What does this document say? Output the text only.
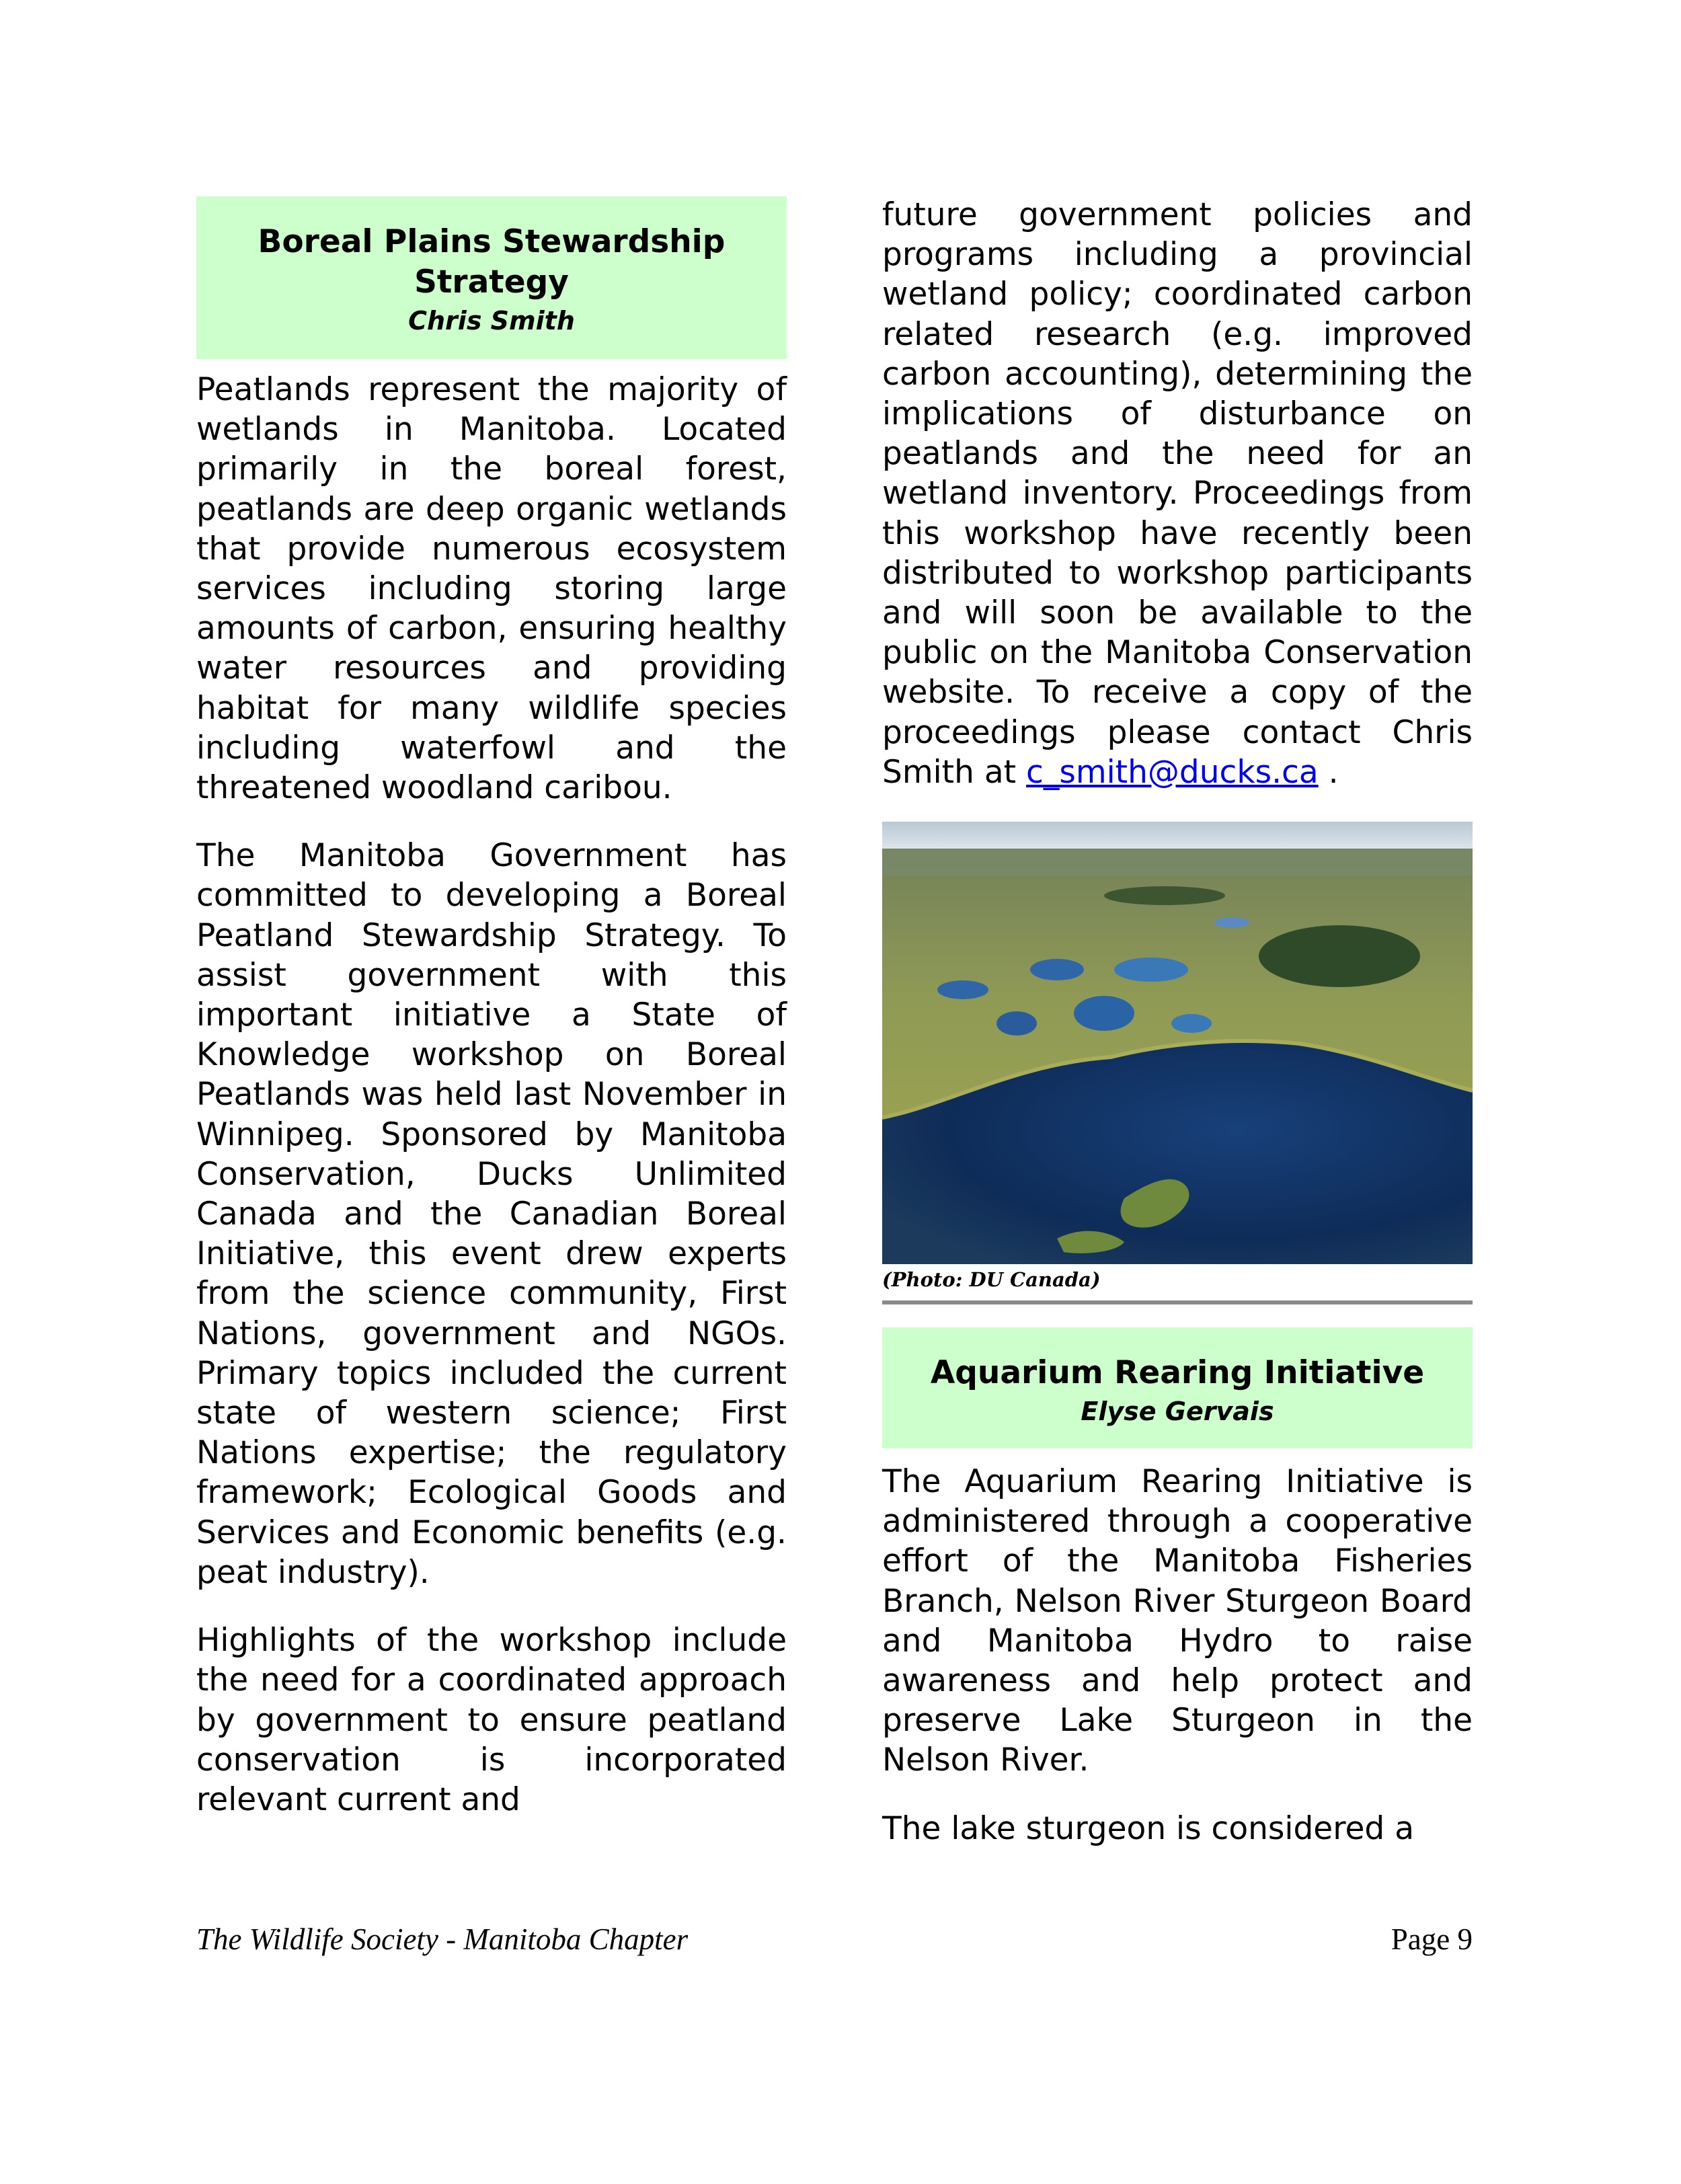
Boreal Plains Stewardship Strategy
Chris Smith

Peatlands represent the majority of wetlands in Manitoba. Located primarily in the boreal forest, peatlands are deep organic wetlands that provide numerous ecosystem services including storing large amounts of carbon, ensuring healthy water resources and providing habitat for many wildlife species including waterfowl and the threatened woodland caribou.

The Manitoba Government has committed to developing a Boreal Peatland Stewardship Strategy. To assist government with this important initiative a State of Knowledge workshop on Boreal Peatlands was held last November in Winnipeg. Sponsored by Manitoba Conservation, Ducks Unlimited Canada and the Canadian Boreal Initiative, this event drew experts from the science community, First Nations, government and NGOs. Primary topics included the current state of western science; First Nations expertise; the regulatory framework; Ecological Goods and Services and Economic benefits (e.g. peat industry).

Highlights of the workshop include the need for a coordinated approach by government to ensure peatland conservation is incorporated relevant current and

future government policies and programs including a provincial wetland policy; coordinated carbon related research (e.g. improved carbon accounting), determining the implications of disturbance on peatlands and the need for an wetland inventory. Proceedings from this workshop have recently been distributed to workshop participants and will soon be available to the public on the Manitoba Conservation website. To receive a copy of the proceedings please contact Chris Smith at c_smith@ducks.ca .

(Photo: DU Canada)
Aquarium Rearing Initiative
Elyse Gervais

The Aquarium Rearing Initiative is administered through a cooperative effort of the Manitoba Fisheries Branch, Nelson River Sturgeon Board and Manitoba Hydro to raise awareness and help protect and preserve Lake Sturgeon in the Nelson River.

The lake sturgeon is considered a

The Wildlife Society - Manitoba Chapter	Page 9
